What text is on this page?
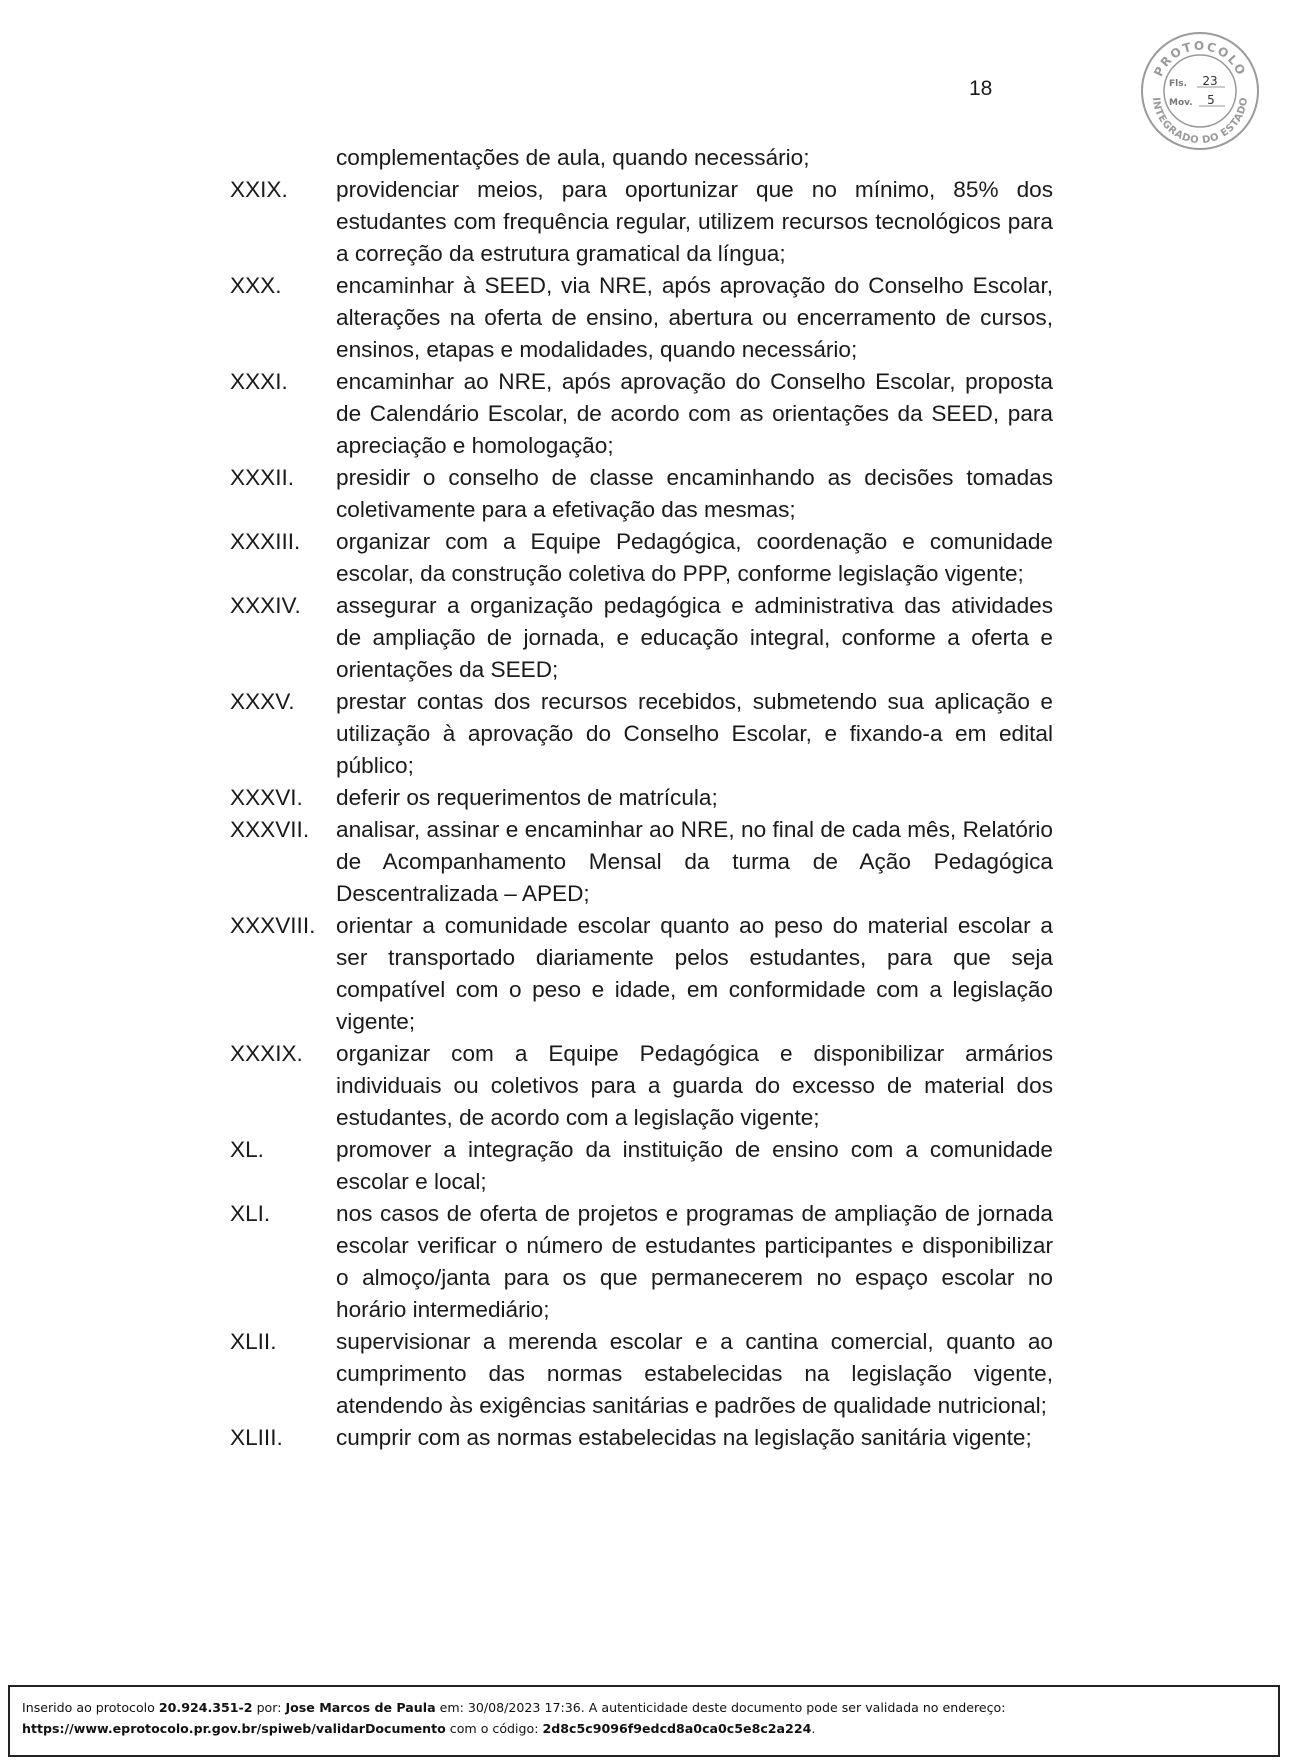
18
PROTOCOLO
INTEGRADO DO ESTADO
Fls. 23
Mov. 5
complementações de aula, quando necessário;
XXIX.	providenciar meios, para oportunizar que no mínimo, 85% dos estudantes com frequência regular, utilizem recursos tecnológicos para a correção da estrutura gramatical da língua;
XXX.	encaminhar à SEED, via NRE, após aprovação do Conselho Escolar, alterações na oferta de ensino, abertura ou encerramento de cursos, ensinos, etapas e modalidades, quando necessário;
XXXI.	encaminhar ao NRE, após aprovação do Conselho Escolar, proposta de Calendário Escolar, de acordo com as orientações da SEED, para apreciação e homologação;
XXXII.	presidir o conselho de classe encaminhando as decisões tomadas coletivamente para a efetivação das mesmas;
XXXIII.	organizar com a Equipe Pedagógica, coordenação e comunidade escolar, da construção coletiva do PPP, conforme legislação vigente;
XXXIV.	assegurar a organização pedagógica e administrativa das atividades de ampliação de jornada, e educação integral, conforme a oferta e orientações da SEED;
XXXV.	prestar contas dos recursos recebidos, submetendo sua aplicação e utilização à aprovação do Conselho Escolar, e fixando-a em edital público;
XXXVI.	deferir os requerimentos de matrícula;
XXXVII.	analisar, assinar e encaminhar ao NRE, no final de cada mês, Relatório de Acompanhamento Mensal da turma de Ação Pedagógica Descentralizada – APED;
XXXVIII. orientar a comunidade escolar quanto ao peso do material escolar a ser transportado diariamente pelos estudantes, para que seja compatível com o peso e idade, em conformidade com a legislação vigente;
XXXIX.	organizar com a Equipe Pedagógica e disponibilizar armários individuais ou coletivos para a guarda do excesso de material dos estudantes, de acordo com a legislação vigente;
XL.	promover a integração da instituição de ensino com a comunidade escolar e local;
XLI.	nos casos de oferta de projetos e programas de ampliação de jornada escolar verificar o número de estudantes participantes e disponibilizar o almoço/janta para os que permanecerem no espaço escolar no horário intermediário;
XLII.	supervisionar a merenda escolar e a cantina comercial, quanto ao cumprimento das normas estabelecidas na legislação vigente, atendendo às exigências sanitárias e padrões de qualidade nutricional;
XLIII.	cumprir com as normas estabelecidas na legislação sanitária vigente;
Inserido ao protocolo 20.924.351-2 por: Jose Marcos de Paula em: 30/08/2023 17:36. A autenticidade deste documento pode ser validada no endereço:
https://www.eprotocolo.pr.gov.br/spiweb/validarDocumento com o código: 2d8c5c9096f9edcd8a0ca0c5e8c2a224.
